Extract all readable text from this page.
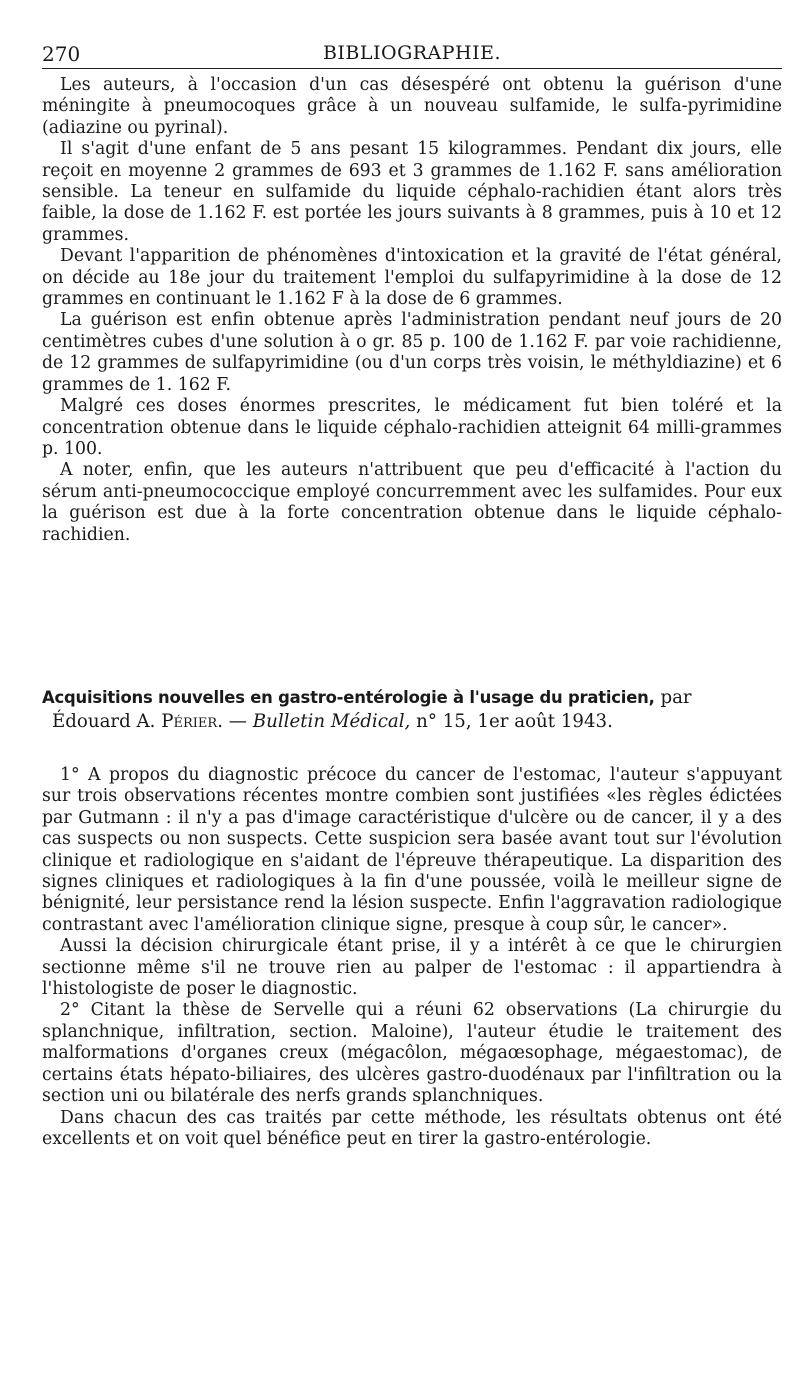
270	BIBLIOGRAPHIE.

Les auteurs, à l'occasion d'un cas désespéré ont obtenu la guérison d'une méningite à pneumocoques grâce à un nouveau sulfamide, le sulfa-pyrimidine (adiazine ou pyrinal).

Il s'agit d'une enfant de 5 ans pesant 15 kilogrammes. Pendant dix jours, elle reçoit en moyenne 2 grammes de 693 et 3 grammes de 1.162 F. sans amélioration sensible. La teneur en sulfamide du liquide céphalo-rachidien étant alors très faible, la dose de 1.162 F. est portée les jours suivants à 8 grammes, puis à 10 et 12 grammes.

Devant l'apparition de phénomènes d'intoxication et la gravité de l'état général, on décide au 18e jour du traitement l'emploi du sulfapyrimidine à la dose de 12 grammes en continuant le 1.162 F à la dose de 6 grammes.

La guérison est enfin obtenue après l'administration pendant neuf jours de 20 centimètres cubes d'une solution à o gr. 85 p. 100 de 1.162 F. par voie rachidienne, de 12 grammes de sulfapyrimidine (ou d'un corps très voisin, le méthyldiazine) et 6 grammes de 1. 162 F.

Malgré ces doses énormes prescrites, le médicament fut bien toléré et la concentration obtenue dans le liquide céphalo-rachidien atteignit 64 milli-grammes p. 100.

A noter, enfin, que les auteurs n'attribuent que peu d'efficacité à l'action du sérum anti-pneumococcique employé concurremment avec les sulfamides. Pour eux la guérison est due à la forte concentration obtenue dans le liquide céphalo-rachidien.

Acquisitions nouvelles en gastro-entérologie à l'usage du praticien, par
Édouard A. Périer. — Bulletin Médical, n° 15, 1er août 1943.

1° A propos du diagnostic précoce du cancer de l'estomac, l'auteur s'appuyant sur trois observations récentes montre combien sont justifiées «les règles édictées par Gutmann : il n'y a pas d'image caractéristique d'ulcère ou de cancer, il y a des cas suspects ou non suspects. Cette suspicion sera basée avant tout sur l'évolution clinique et radiologique en s'aidant de l'épreuve thérapeutique. La disparition des signes cliniques et radiologiques à la fin d'une poussée, voilà le meilleur signe de bénignité, leur persistance rend la lésion suspecte. Enfin l'aggravation radiologique contrastant avec l'amélioration clinique signe, presque à coup sûr, le cancer».

Aussi la décision chirurgicale étant prise, il y a intérêt à ce que le chirurgien sectionne même s'il ne trouve rien au palper de l'estomac : il appartiendra à l'histologiste de poser le diagnostic.

2° Citant la thèse de Servelle qui a réuni 62 observations (La chirurgie du splanchnique, infiltration, section. Maloine), l'auteur étudie le traitement des malformations d'organes creux (mégacôlon, mégaœsophage, mégaestomac), de certains états hépato-biliaires, des ulcères gastro-duodénaux par l'infiltration ou la section uni ou bilatérale des nerfs grands splanchniques.

Dans chacun des cas traités par cette méthode, les résultats obtenus ont été excellents et on voit quel bénéfice peut en tirer la gastro-entérologie.
